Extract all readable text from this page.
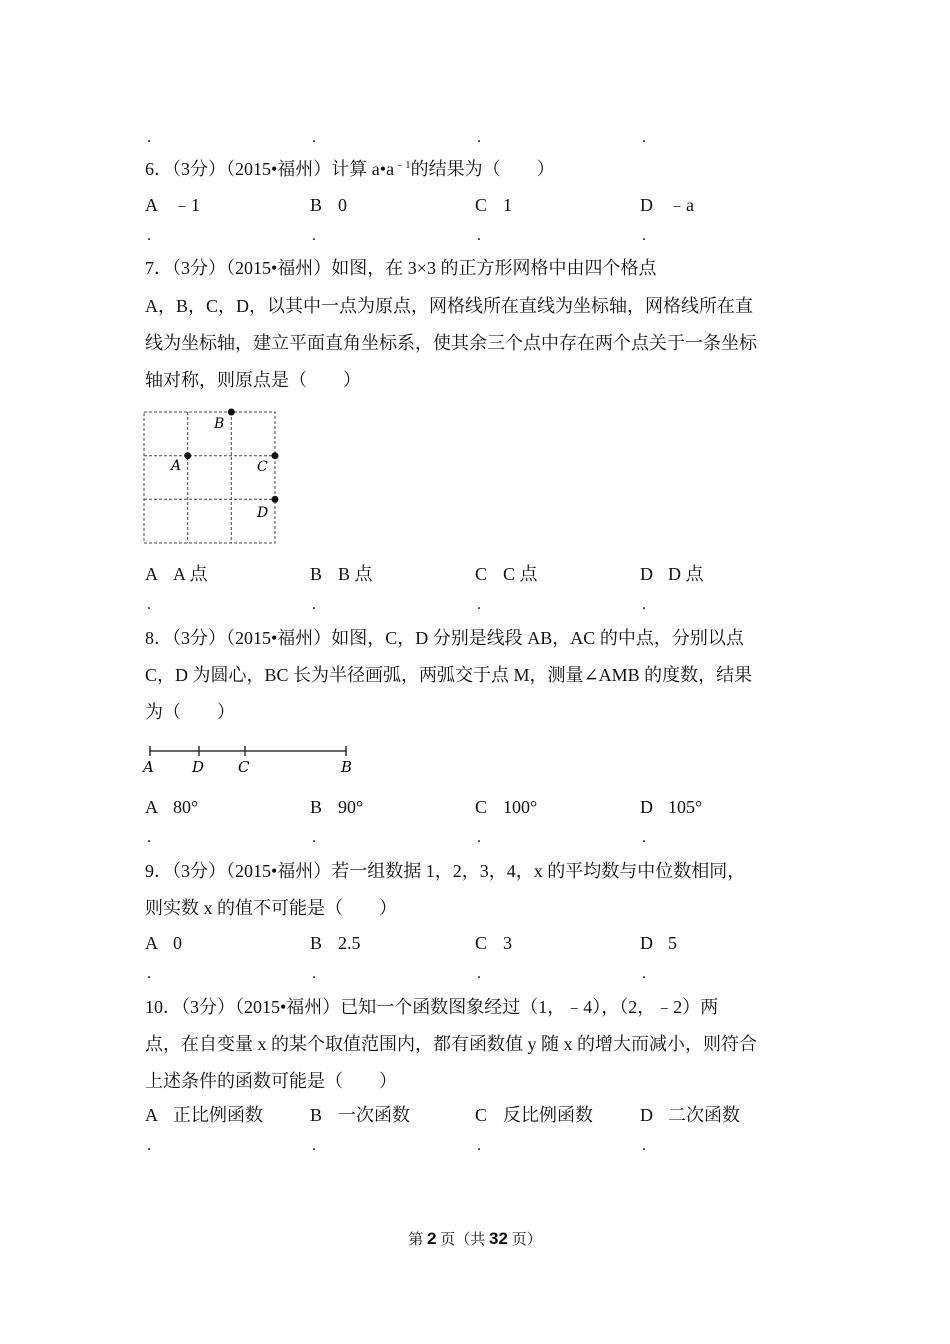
.	.	.	.
6．（3分）（2015•福州）计算 $a•a^{﹣1}$的结果为（　　）
A ﹣1	B 0	C 1	D ﹣a
.	.	.	.
7．（3分）（2015•福州）如图，在 3×3 的正方形网格中由四个格点
A，B，C，D，以其中一点为原点，网格线所在直线为坐标轴，网格线所在直
线为坐标轴，建立平面直角坐标系，使其余三个点中存在两个点关于一条坐标
轴对称，则原点是（　　）
B
A	C
D
A A 点	B B 点	C C 点	D D 点
.	.	.	.
8．（3分）（2015•福州）如图，C，D 分别是线段 AB，AC 的中点，分别以点
C，D 为圆心，BC 长为半径画弧，两弧交于点 M，测量∠AMB 的度数，结果
为（　　）
A	D C	B
A 80°	B 90°	C 100°	D 105°
.	.	.	.
9．（3分）（2015•福州）若一组数据 1，2，3，4，x 的平均数与中位数相同，
则实数 x 的值不可能是（　　）
A 0	B 2.5	C 3	D 5
.	.	.	.
10．（3分）（2015•福州）已知一个函数图象经过（1，﹣4），（2，﹣2）两
点，在自变量 x 的某个取值范围内，都有函数值 y 随 x 的增大而减小，则符合
上述条件的函数可能是（　　）
A 正比例函数	B 一次函数	C 反比例函数	D 二次函数
.	.	.	.
第 2 页（共 32 页）
